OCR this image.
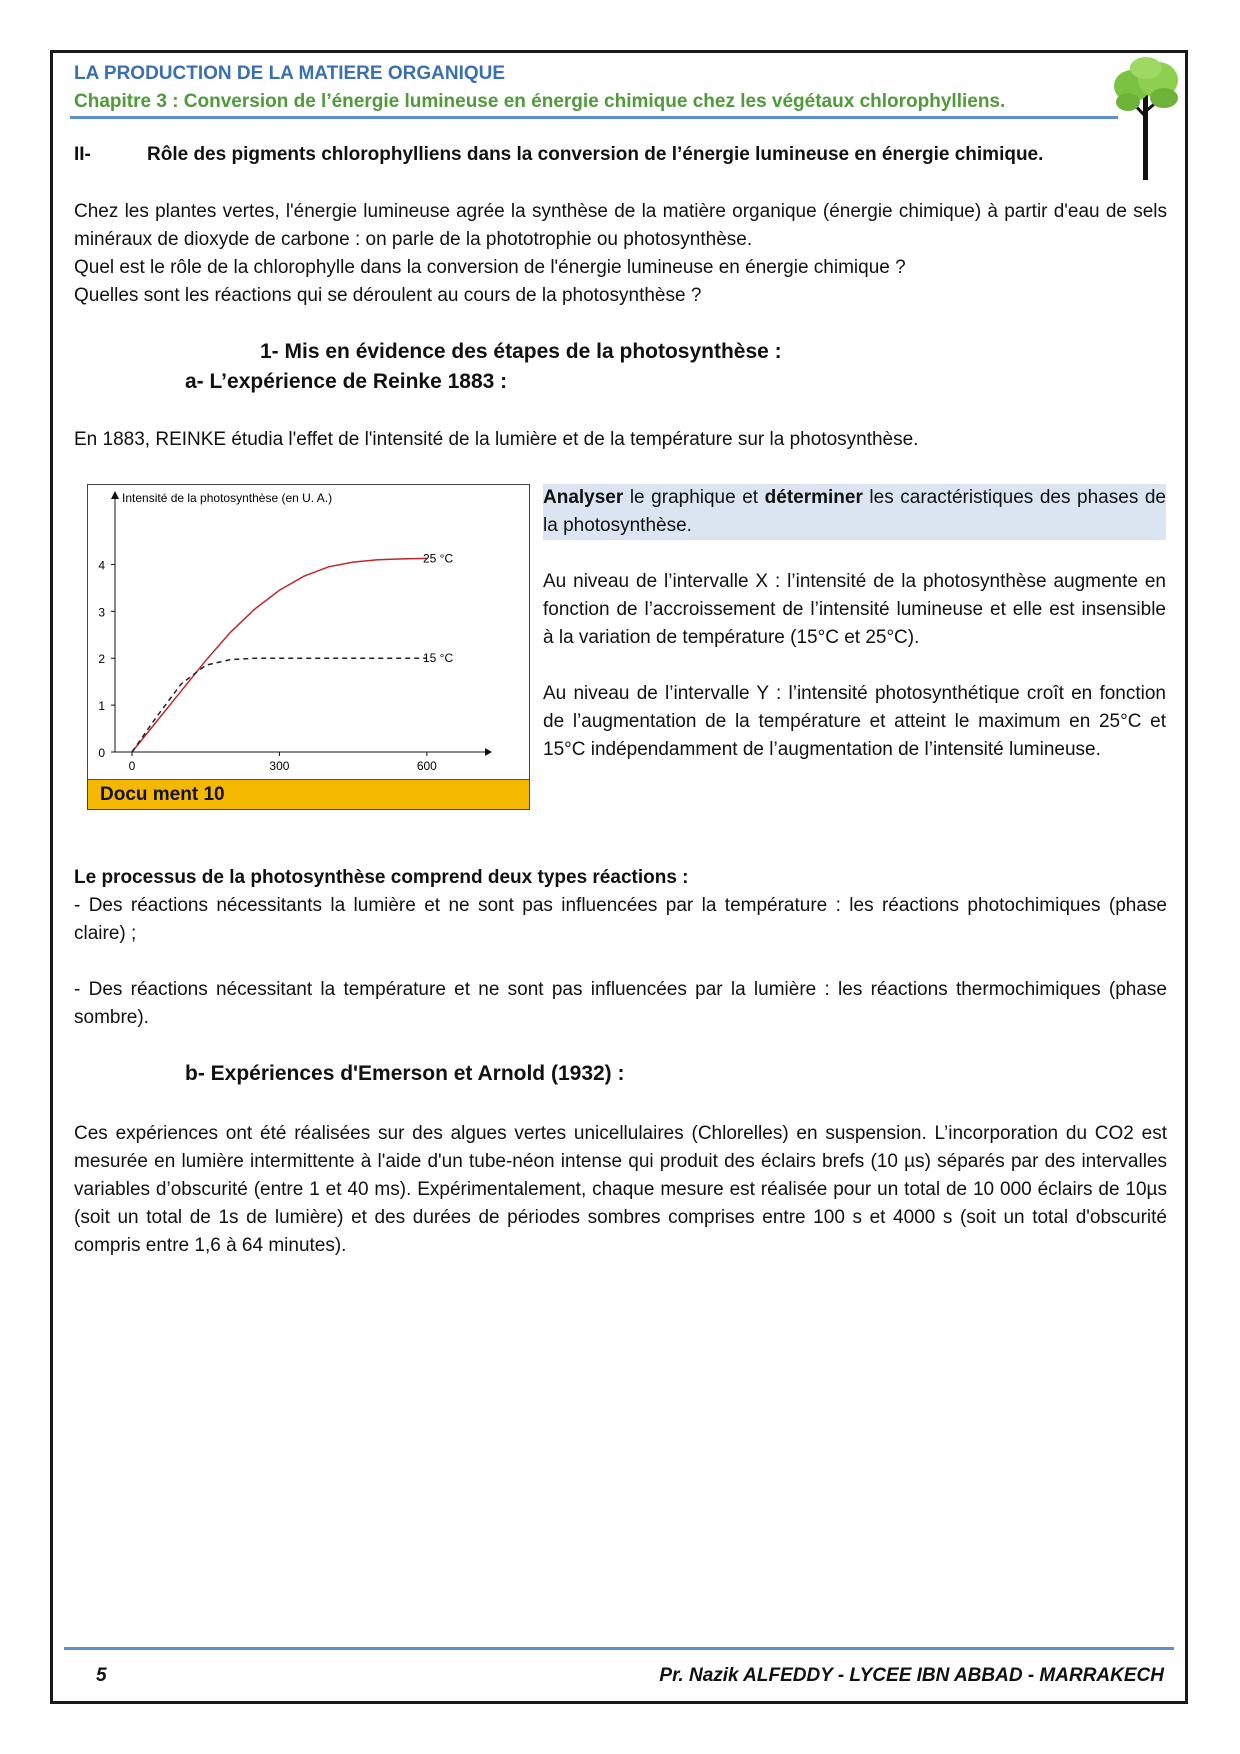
LA PRODUCTION DE LA MATIERE ORGANIQUE
Chapitre 3 : Conversion de l’énergie lumineuse en énergie chimique chez les végétaux chlorophylliens.
II-	Rôle des pigments chlorophylliens dans la conversion de l’énergie lumineuse en énergie chimique.
Chez les plantes vertes, l'énergie lumineuse agrée la synthèse de la matière organique (énergie chimique) à partir d'eau de sels minéraux de dioxyde de carbone : on parle de la phototrophie ou photosynthèse.
Quel est le rôle de la chlorophylle dans la conversion de l'énergie lumineuse en énergie chimique ?
Quelles sont les réactions qui se déroulent au cours de la photosynthèse ?
1- Mis en évidence des étapes de la photosynthèse :
a- L’expérience de Reinke 1883 :
En 1883, REINKE étudia l'effet de l'intensité de la lumière et de la température sur la photosynthèse.
0
1
2
3
4
0	300	600
Intensité de la photosynthèse (en U. A.)
25 °C
15 °C
Docu ment 10
Analyser le graphique et déterminer les caractéristiques des phases de la photosynthèse.
Au niveau de l’intervalle X : l’intensité de la photosynthèse augmente en fonction de l’accroissement de l’intensité lumineuse et elle est insensible à la variation de température (15°C et 25°C).
Au niveau de l’intervalle Y : l’intensité photosynthétique croît en fonction de l’augmentation de la température et atteint le maximum en 25°C et 15°C indépendamment de l’augmentation de l’intensité lumineuse.
Le processus de la photosynthèse comprend deux types réactions :
- Des réactions nécessitants la lumière et ne sont pas influencées par la température : les réactions photochimiques (phase claire) ;
- Des réactions nécessitant la température et ne sont pas influencées par la lumière : les réactions thermochimiques (phase sombre).
b- Expériences d'Emerson et Arnold (1932) :
Ces expériences ont été réalisées sur des algues vertes unicellulaires (Chlorelles) en suspension. L’incorporation du CO2 est mesurée en lumière intermittente à l'aide d'un tube-néon intense qui produit des éclairs brefs (10 µs) séparés par des intervalles variables d’obscurité (entre 1 et 40 ms). Expérimentalement, chaque mesure est réalisée pour un total de 10 000 éclairs de 10µs (soit un total de 1s de lumière) et des durées de périodes sombres comprises entre 100 s et 4000 s (soit un total d'obscurité compris entre 1,6 à 64 minutes).
5	Pr. Nazik ALFEDDY - LYCEE IBN ABBAD - MARRAKECH
